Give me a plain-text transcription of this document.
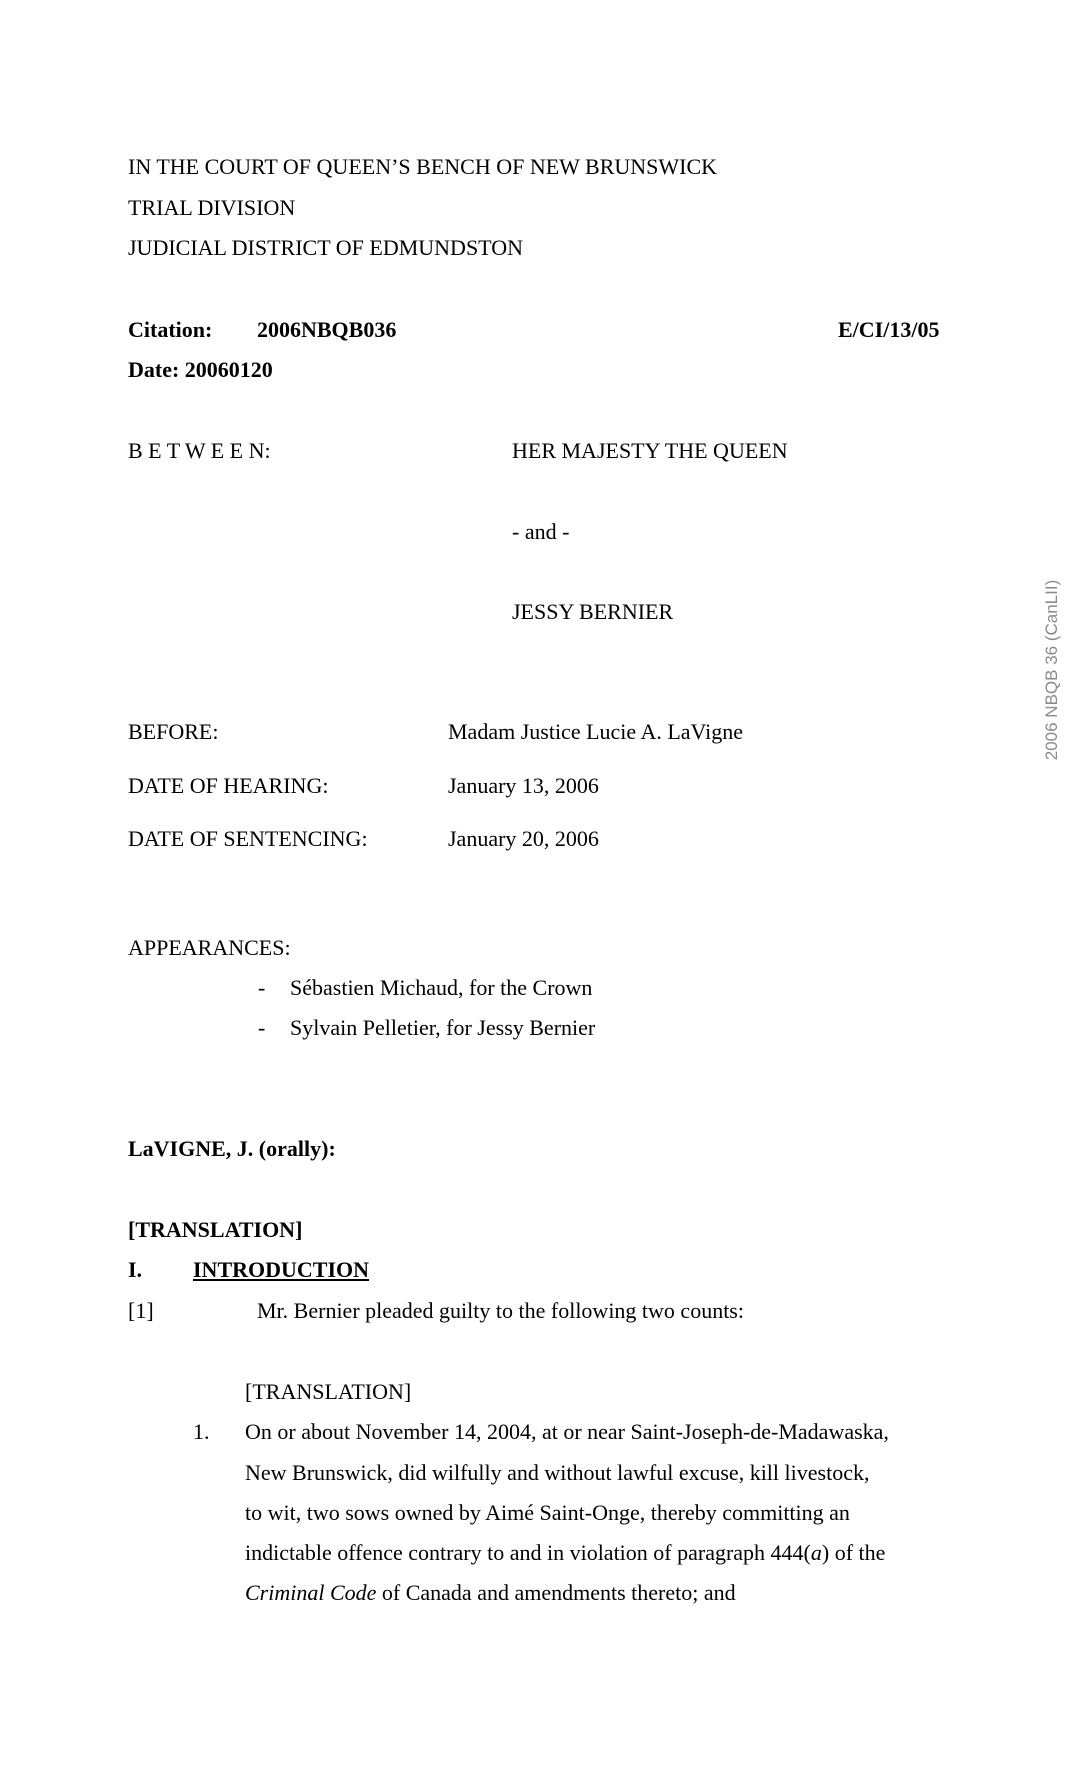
IN THE COURT OF QUEEN’S BENCH OF NEW BRUNSWICK
TRIAL DIVISION
JUDICIAL DISTRICT OF EDMUNDSTON
Citation: 2006NBQB036	E/CI/13/05
Date: 20060120
B E T W E E N:	HER MAJESTY THE QUEEN
- and -
JESSY BERNIER
BEFORE:	Madam Justice Lucie A. LaVigne
DATE OF HEARING:	January 13, 2006
DATE OF SENTENCING:	January 20, 2006
APPEARANCES:
- Sébastien Michaud, for the Crown
- Sylvain Pelletier, for Jessy Bernier
LaVIGNE, J. (orally):
[TRANSLATION]
I. INTRODUCTION
[1]	Mr. Bernier pleaded guilty to the following two counts:
[TRANSLATION]
1. On or about November 14, 2004, at or near Saint-Joseph-de-Madawaska,
New Brunswick, did wilfully and without lawful excuse, kill livestock,
to wit, two sows owned by Aimé Saint-Onge, thereby committing an
indictable offence contrary to and in violation of paragraph 444(a) of the
Criminal Code of Canada and amendments thereto; and
2006 NBQB 36 (CanLII)
